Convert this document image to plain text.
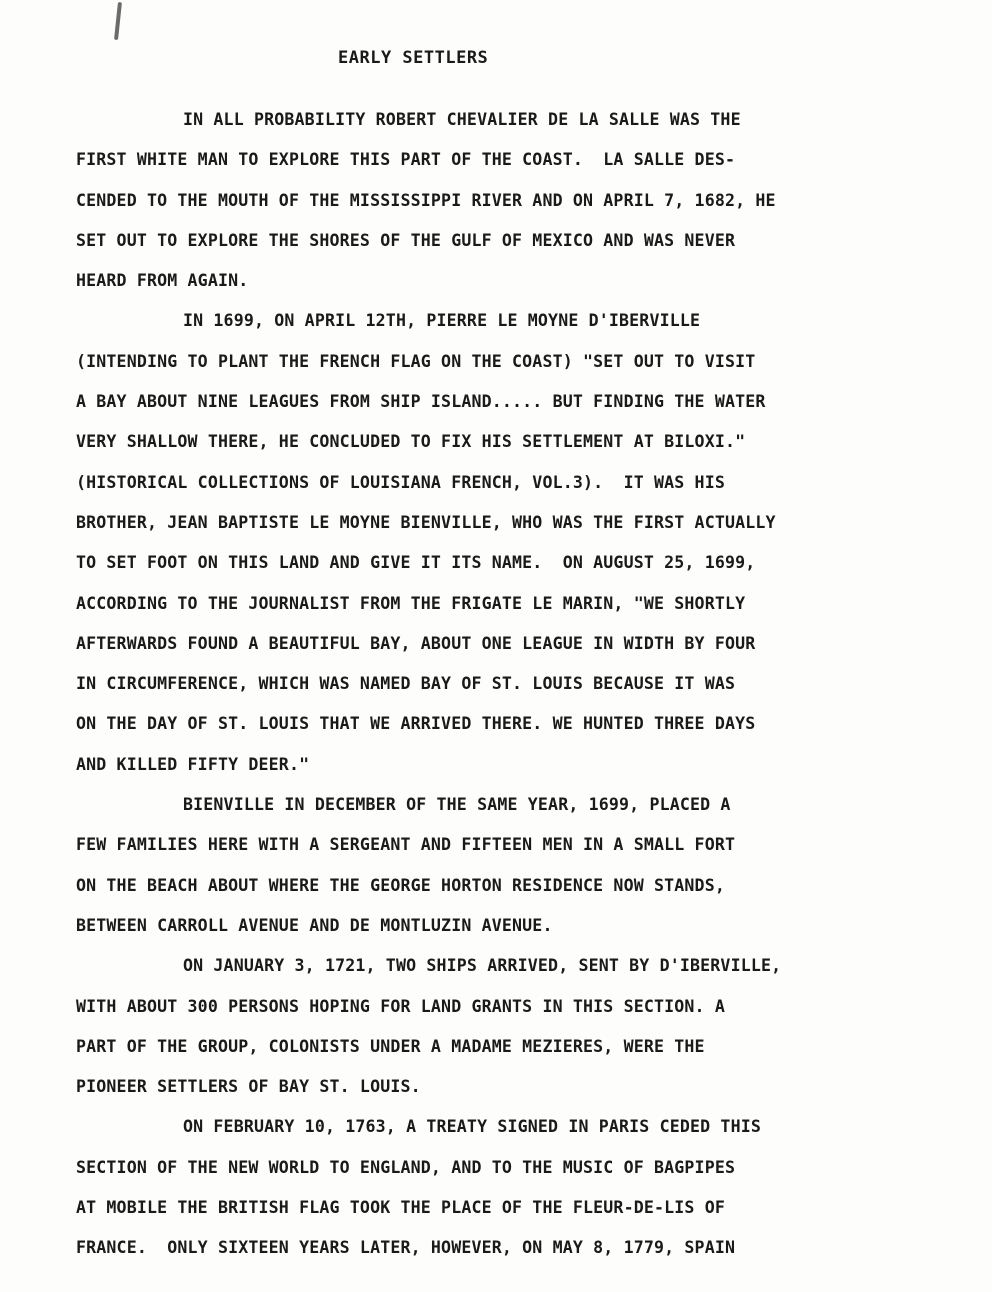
EARLY SETTLERS
IN ALL PROBABILITY ROBERT CHEVALIER DE LA SALLE WAS THE
FIRST WHITE MAN TO EXPLORE THIS PART OF THE COAST.  LA SALLE DES-
CENDED TO THE MOUTH OF THE MISSISSIPPI RIVER AND ON APRIL 7, 1682, HE
SET OUT TO EXPLORE THE SHORES OF THE GULF OF MEXICO AND WAS NEVER
HEARD FROM AGAIN.
IN 1699, ON APRIL 12TH, PIERRE LE MOYNE D'IBERVILLE
(INTENDING TO PLANT THE FRENCH FLAG ON THE COAST) "SET OUT TO VISIT
A BAY ABOUT NINE LEAGUES FROM SHIP ISLAND..... BUT FINDING THE WATER
VERY SHALLOW THERE, HE CONCLUDED TO FIX HIS SETTLEMENT AT BILOXI."
(HISTORICAL COLLECTIONS OF LOUISIANA FRENCH, VOL.3).  IT WAS HIS
BROTHER, JEAN BAPTISTE LE MOYNE BIENVILLE, WHO WAS THE FIRST ACTUALLY
TO SET FOOT ON THIS LAND AND GIVE IT ITS NAME.  ON AUGUST 25, 1699,
ACCORDING TO THE JOURNALIST FROM THE FRIGATE LE MARIN, "WE SHORTLY
AFTERWARDS FOUND A BEAUTIFUL BAY, ABOUT ONE LEAGUE IN WIDTH BY FOUR
IN CIRCUMFERENCE, WHICH WAS NAMED BAY OF ST. LOUIS BECAUSE IT WAS
ON THE DAY OF ST. LOUIS THAT WE ARRIVED THERE. WE HUNTED THREE DAYS
AND KILLED FIFTY DEER."
BIENVILLE IN DECEMBER OF THE SAME YEAR, 1699, PLACED A
FEW FAMILIES HERE WITH A SERGEANT AND FIFTEEN MEN IN A SMALL FORT
ON THE BEACH ABOUT WHERE THE GEORGE HORTON RESIDENCE NOW STANDS,
BETWEEN CARROLL AVENUE AND DE MONTLUZIN AVENUE.
ON JANUARY 3, 1721, TWO SHIPS ARRIVED, SENT BY D'IBERVILLE,
WITH ABOUT 300 PERSONS HOPING FOR LAND GRANTS IN THIS SECTION. A
PART OF THE GROUP, COLONISTS UNDER A MADAME MEZIERES, WERE THE
PIONEER SETTLERS OF BAY ST. LOUIS.
ON FEBRUARY 10, 1763, A TREATY SIGNED IN PARIS CEDED THIS
SECTION OF THE NEW WORLD TO ENGLAND, AND TO THE MUSIC OF BAGPIPES
AT MOBILE THE BRITISH FLAG TOOK THE PLACE OF THE FLEUR-DE-LIS OF
FRANCE.  ONLY SIXTEEN YEARS LATER, HOWEVER, ON MAY 8, 1779, SPAIN
